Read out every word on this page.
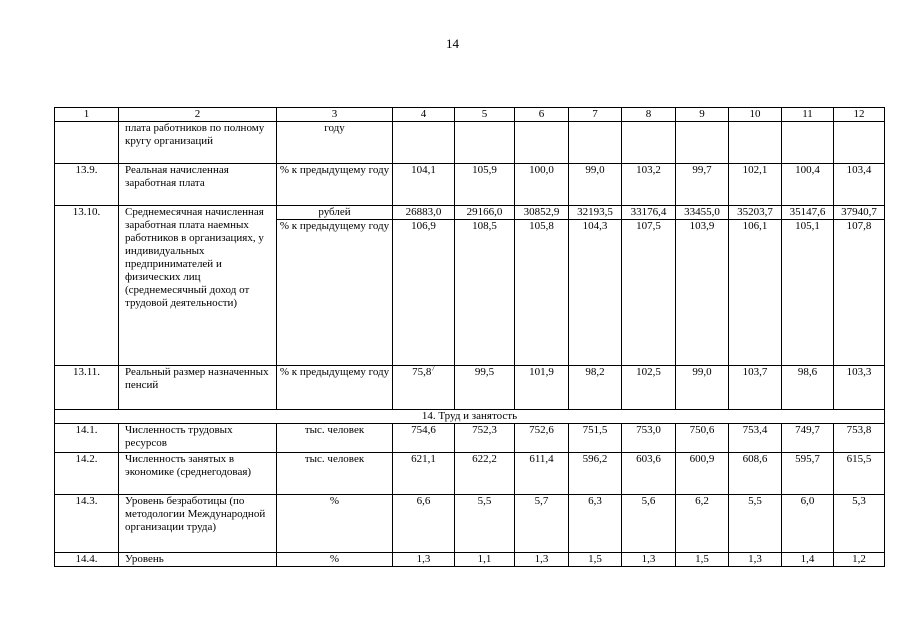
14
1	2	3	4	5	6	7	8	9	10	11	12
	плата работников по полному кругу организаций	году									
13.9.	Реальная начисленная заработная плата	% к предыдущему году	104,1	105,9	100,0	99,0	103,2	99,7	102,1	100,4	103,4
13.10.	Среднемесячная начисленная заработная плата наемных работников в организациях, у индивидуальных предпринимателей и физических лиц (среднемесячный доход от трудовой деятельности)	рублей	26883,0	29166,0	30852,9	32193,5	33176,4	33455,0	35203,7	35147,6	37940,7
		% к предыдущему году	106,9	108,5	105,8	104,3	107,5	103,9	106,1	105,1	107,8
13.11.	Реальный размер назначенных пенсий	% к предыдущему году	75,8$^7$	99,5	101,9	98,2	102,5	99,0	103,7	98,6	103,3
14. Труд и занятость											
14.1.	Численность трудовых ресурсов	тыс. человек	754,6	752,3	752,6	751,5	753,0	750,6	753,4	749,7	753,8
14.2.	Численность занятых в экономике (среднегодовая)	тыс. человек	621,1	622,2	611,4	596,2	603,6	600,9	608,6	595,7	615,5
14.3.	Уровень безработицы (по методологии Международной организации труда)	%	6,6	5,5	5,7	6,3	5,6	6,2	5,5	6,0	5,3
14.4.	Уровень	%	1,3	1,1	1,3	1,5	1,3	1,5	1,3	1,4	1,2
